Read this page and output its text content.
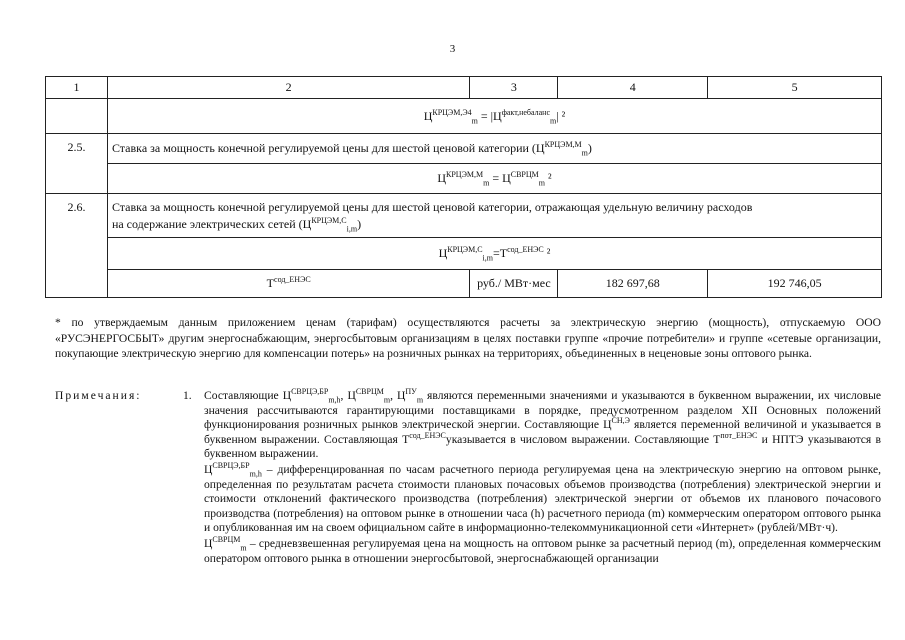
3
1	2	3	4	5
	$Ц^{КРЦЭМ,Э4}_m = |Ц^{факт,небаланс}_m|$ ²			
2.5.	Ставка за мощность конечной регулируемой цены для шестой ценовой категории $(Ц^{КРЦЭМ,М}_m)$			
	$Ц^{КРЦЭМ,М}_m = Ц^{СВРЦМ}_m$ ²			
2.6.	Ставка за мощность конечной регулируемой цены для шестой ценовой категории, отражающая удельную величину расходов
на содержание электрических сетей $(Ц^{КРЦЭМ,С}_{i,m})$			
	$Ц^{КРЦЭМ,С}_{i,m}=T^{сод\_ЕНЭС}$ ²			
	$T^{сод\_ЕНЭС}$	руб./ МВт·мес	182 697,68	192 746,05
* по утверждаемым данным приложением ценам (тарифам) осуществляются расчеты за электрическую энергию (мощность), отпускаемую ООО «РУСЭНЕРГОСБЫТ» другим энергоснабжающим, энергосбытовым организациям в целях поставки группе «прочие потребители» и группе «сетевые организации, покупающие электрическую энергию для компенсации потерь» на розничных рынках на территориях, объединенных в неценовые зоны оптового рынка.
Примечания:	1. Составляющие $Ц^{СВРЦЭ,БР}_{m,h}$, $Ц^{СВРЦМ}_m$, $Ц^{ПУ}_m$ являются переменными значениями и указываются в буквенном выражении, их числовые значения рассчитываются гарантирующими поставщиками в порядке, предусмотренном разделом XII Основных положений функционирования розничных рынков электрической энергии. Составляющие $Ц^{СН,Э}$ является переменной величиной и указывается в буквенном выражении. Составляющая $T^{сод\_ЕНЭС}указывается$ в числовом выражении. Составляющие $T^{пот\_ЕНЭС}$ и НПТЭ указываются в буквенном выражении.

$Ц^{СВРЦЭ,БР}_{m,h}$ – дифференцированная по часам расчетного периода регулируемая цена на электрическую энергию на оптовом рынке, определенная по результатам расчета стоимости плановых почасовых объемов производства (потребления) электрической энергии и стоимости отклонений фактического производства (потребления) электрической энергии от объемов их планового почасового производства (потребления) на оптовом рынке в отношении часа (h) расчетного периода (m) коммерческим оператором оптового рынка и опубликованная им на своем официальном сайте в информационно-телекоммуникационной сети «Интернет» (рублей/МВт·ч).

$Ц^{СВРЦМ}_m$ – средневзвешенная регулируемая цена на мощность на оптовом рынке за расчетный период (m), определенная коммерческим оператором оптового рынка в отношении энергосбытовой, энергоснабжающей организации
